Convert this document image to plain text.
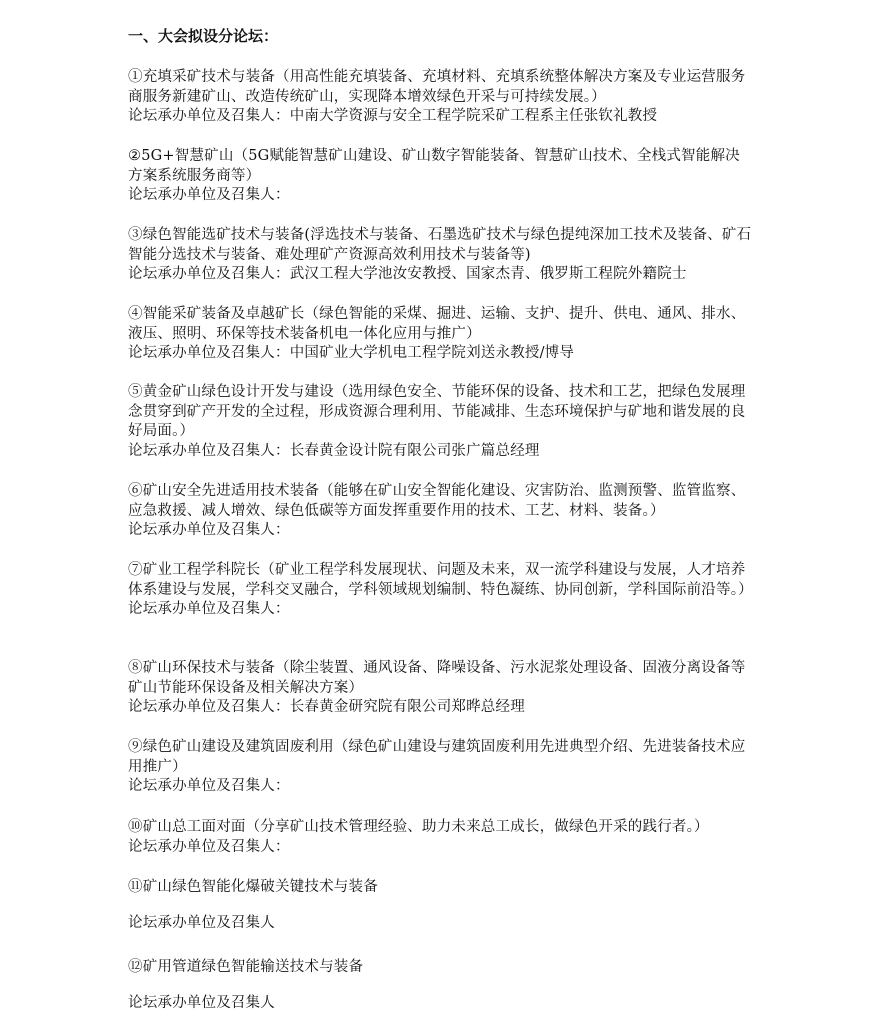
一、大会拟设分论坛：

①充填采矿技术与装备（用高性能充填装备、充填材料、充填系统整体解决方案及专业运营服务商服务新建矿山、改造传统矿山，实现降本增效绿色开采与可持续发展。）

论坛承办单位及召集人：中南大学资源与安全工程学院采矿工程系主任张钦礼教授

②5G+智慧矿山（5G赋能智慧矿山建设、矿山数字智能装备、智慧矿山技术、全栈式智能解决方案系统服务商等）

论坛承办单位及召集人：

③绿色智能选矿技术与装备(浮选技术与装备、石墨选矿技术与绿色提纯深加工技术及装备、矿石智能分选技术与装备、难处理矿产资源高效利用技术与装备等)

论坛承办单位及召集人：武汉工程大学池汝安教授、国家杰青、俄罗斯工程院外籍院士

④智能采矿装备及卓越矿长（绿色智能的采煤、掘进、运输、支护、提升、供电、通风、排水、液压、照明、环保等技术装备机电一体化应用与推广）

论坛承办单位及召集人：中国矿业大学机电工程学院刘送永教授/博导

⑤黄金矿山绿色设计开发与建设（选用绿色安全、节能环保的设备、技术和工艺，把绿色发展理念贯穿到矿产开发的全过程，形成资源合理利用、节能减排、生态环境保护与矿地和谐发展的良好局面。）

论坛承办单位及召集人：长春黄金设计院有限公司张广篇总经理

⑥矿山安全先进适用技术装备（能够在矿山安全智能化建设、灾害防治、监测预警、监管监察、应急救援、减人增效、绿色低碳等方面发挥重要作用的技术、工艺、材料、装备。）

论坛承办单位及召集人：

⑦矿业工程学科院长（矿业工程学科发展现状、问题及未来，双一流学科建设与发展，人才培养体系建设与发展，学科交叉融合，学科领域规划编制、特色凝练、协同创新，学科国际前沿等。）

论坛承办单位及召集人：

⑧矿山环保技术与装备（除尘装置、通风设备、降噪设备、污水泥浆处理设备、固液分离设备等矿山节能环保设备及相关解决方案）

论坛承办单位及召集人：长春黄金研究院有限公司郑晔总经理

⑨绿色矿山建设及建筑固废利用（绿色矿山建设与建筑固废利用先进典型介绍、先进装备技术应用推广）

论坛承办单位及召集人：

⑩矿山总工面对面（分享矿山技术管理经验、助力未来总工成长，做绿色开采的践行者。）

论坛承办单位及召集人：

⑪矿山绿色智能化爆破关键技术与装备

论坛承办单位及召集人

⑫矿用管道绿色智能输送技术与装备

论坛承办单位及召集人
